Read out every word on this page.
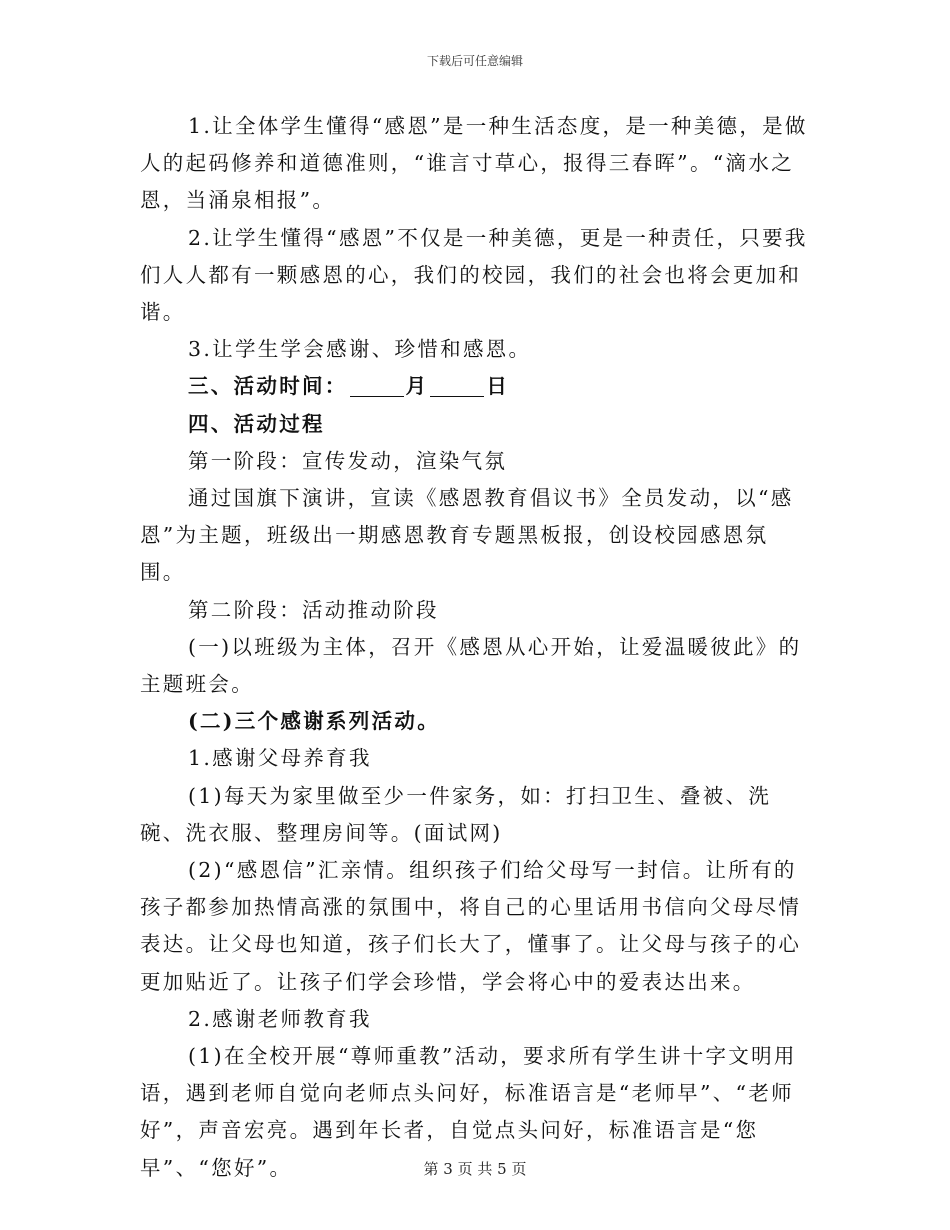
下载后可任意编辑

1.让全体学生懂得“感恩”是一种生活态度，是一种美德，是做人的起码修养和道德准则，“谁言寸草心，报得三春晖”。“滴水之恩，当涌泉相报”。

2.让学生懂得“感恩”不仅是一种美德，更是一种责任，只要我们人人都有一颗感恩的心，我们的校园，我们的社会也将会更加和谐。

3.让学生学会感谢、珍惜和感恩。

三、活动时间：	月	日

四、活动过程

第一阶段：宣传发动，渲染气氛

通过国旗下演讲，宣读《感恩教育倡议书》全员发动，以“感恩”为主题，班级出一期感恩教育专题黑板报，创设校园感恩氛围。

第二阶段：活动推动阶段

(一)以班级为主体，召开《感恩从心开始，让爱温暖彼此》的主题班会。

(二)三个感谢系列活动。

1.感谢父母养育我

(1)每天为家里做至少一件家务，如：打扫卫生、叠被、洗碗、洗衣服、整理房间等。(面试网)

(2)“感恩信”汇亲情。组织孩子们给父母写一封信。让所有的孩子都参加热情高涨的氛围中，将自己的心里话用书信向父母尽情表达。让父母也知道，孩子们长大了，懂事了。让父母与孩子的心更加贴近了。让孩子们学会珍惜，学会将心中的爱表达出来。

2.感谢老师教育我

(1)在全校开展“尊师重教”活动，要求所有学生讲十字文明用语，遇到老师自觉向老师点头问好，标准语言是“老师早”、“老师好”，声音宏亮。遇到年长者，自觉点头问好，标准语言是“您早”、“您好”。	第 3 页 共 5 页
